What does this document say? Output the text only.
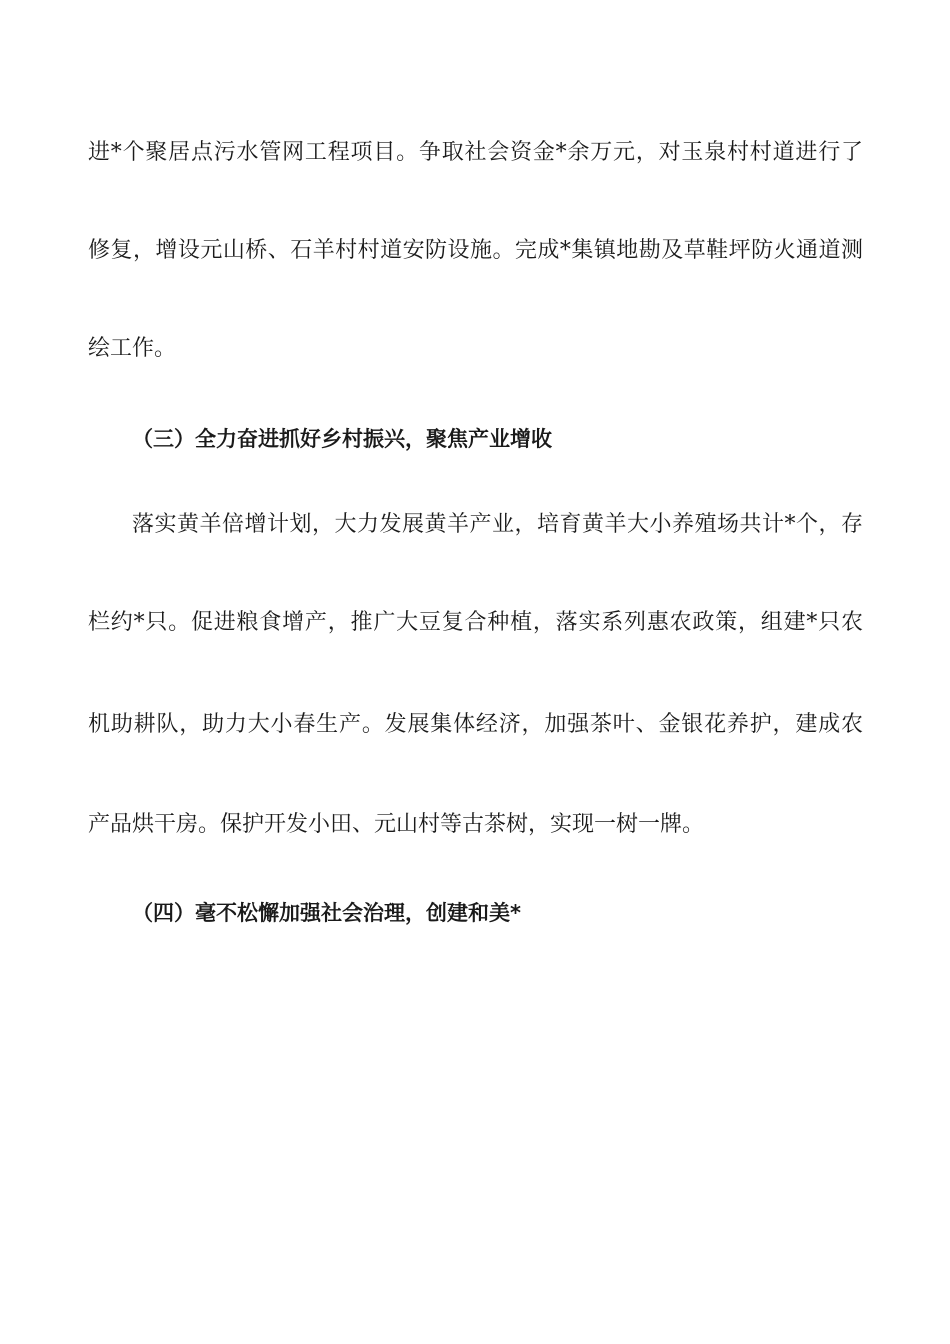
进*个聚居点污水管网工程项目。争取社会资金*余万元，对玉泉村村道进行了
修复，增设元山桥、石羊村村道安防设施。完成*集镇地勘及草鞋坪防火通道测
绘工作。
（三）全力奋进抓好乡村振兴，聚焦产业增收
落实黄羊倍增计划，大力发展黄羊产业，培育黄羊大小养殖场共计*个，存
栏约*只。促进粮食增产，推广大豆复合种植，落实系列惠农政策，组建*只农
机助耕队，助力大小春生产。发展集体经济，加强茶叶、金银花养护，建成农
产品烘干房。保护开发小田、元山村等古茶树，实现一树一牌。
（四）毫不松懈加强社会治理，创建和美*
